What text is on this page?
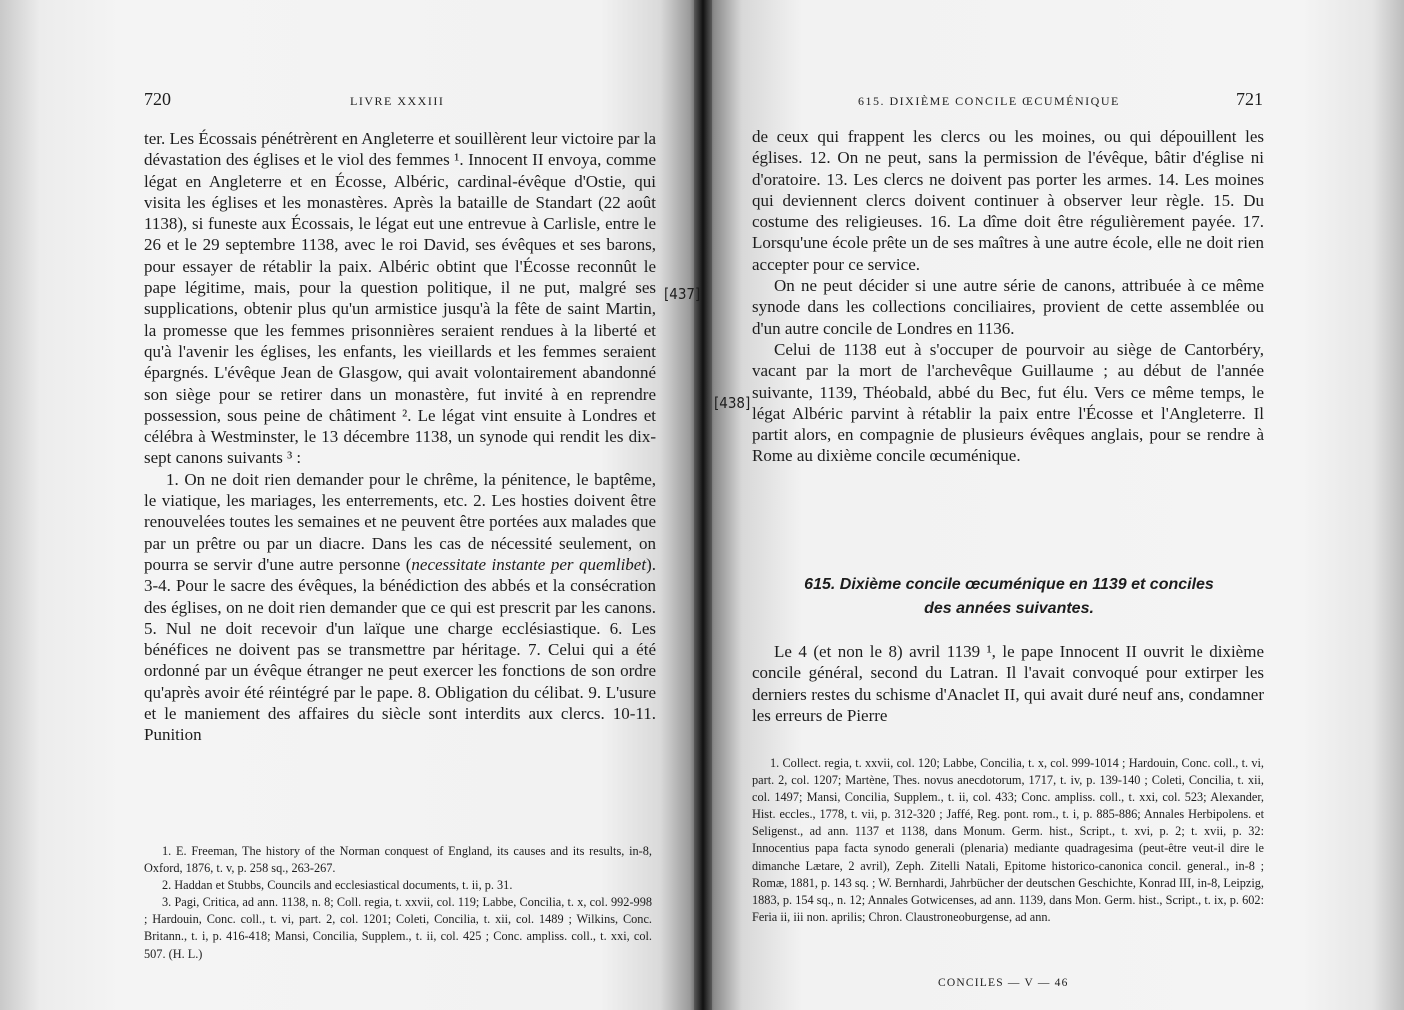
720	LIVRE XXXIII

ter. Les Écossais pénétrèrent en Angleterre et souillèrent leur victoire par la dévastation des églises et le viol des femmes ¹. Innocent II envoya, comme légat en Angleterre et en Écosse, Albéric, cardinal-évêque d'Ostie, qui visita les églises et les monastères. Après la bataille de Standart (22 août 1138), si funeste aux Écossais, le légat eut une entrevue à Carlisle, entre le 26 et le 29 septembre 1138, avec le roi David, ses évêques et ses barons, pour essayer de rétablir la paix. Albéric obtint que l'Écosse reconnût le pape légitime, mais, pour la question politique, il ne put, malgré ses supplications, obtenir plus qu'un armistice jusqu'à la fête de saint Martin, la promesse que les femmes prisonnières seraient rendues à la liberté et qu'à l'avenir les églises, les enfants, les vieillards et les femmes seraient épargnés. L'évêque Jean de Glasgow, qui avait volontairement abandonné son siège pour se retirer dans un monastère, fut invité à en reprendre possession, sous peine de châtiment ². Le légat vint ensuite à Londres et célébra à Westminster, le 13 décembre 1138, un synode qui rendit les dix-sept canons suivants ³ :

1. On ne doit rien demander pour le chrême, la pénitence, le baptême, le viatique, les mariages, les enterrements, etc. 2. Les hosties doivent être renouvelées toutes les semaines et ne peuvent être portées aux malades que par un prêtre ou par un diacre. Dans les cas de nécessité seulement, on pourra se servir d'une autre personne (necessitate instante per quemlibet). 3-4. Pour le sacre des évêques, la bénédiction des abbés et la consécration des églises, on ne doit rien demander que ce qui est prescrit par les canons. 5. Nul ne doit recevoir d'un laïque une charge ecclésiastique. 6. Les bénéfices ne doivent pas se transmettre par héritage. 7. Celui qui a été ordonné par un évêque étranger ne peut exercer les fonctions de son ordre qu'après avoir été réintégré par le pape. 8. Obligation du célibat. 9. L'usure et le maniement des affaires du siècle sont interdits aux clercs. 10-11. Punition

[437]

1. E. Freeman, The history of the Norman conquest of England, its causes and its results, in-8, Oxford, 1876, t. v, p. 258 sq., 263-267.

2. Haddan et Stubbs, Councils and ecclesiastical documents, t. ii, p. 31.

3. Pagi, Critica, ad ann. 1138, n. 8; Coll. regia, t. xxvii, col. 119; Labbe, Concilia, t. x, col. 992-998 ; Hardouin, Conc. coll., t. vi, part. 2, col. 1201; Coleti, Concilia, t. xii, col. 1489 ; Wilkins, Conc. Britann., t. i, p. 416-418; Mansi, Concilia, Supplem., t. ii, col. 425 ; Conc. ampliss. coll., t. xxi, col. 507. (H. L.)

615. DIXIÈME CONCILE ŒCUMÉNIQUE	721
[438]

de ceux qui frappent les clercs ou les moines, ou qui dépouillent les églises. 12. On ne peut, sans la permission de l'évêque, bâtir d'église ni d'oratoire. 13. Les clercs ne doivent pas porter les armes. 14. Les moines qui deviennent clercs doivent continuer à observer leur règle. 15. Du costume des religieuses. 16. La dîme doit être régulièrement payée. 17. Lorsqu'une école prête un de ses maîtres à une autre école, elle ne doit rien accepter pour ce service.

On ne peut décider si une autre série de canons, attribuée à ce même synode dans les collections conciliaires, provient de cette assemblée ou d'un autre concile de Londres en 1136.

Celui de 1138 eut à s'occuper de pourvoir au siège de Cantorbéry, vacant par la mort de l'archevêque Guillaume ; au début de l'année suivante, 1139, Théobald, abbé du Bec, fut élu. Vers ce même temps, le légat Albéric parvint à rétablir la paix entre l'Écosse et l'Angleterre. Il partit alors, en compagnie de plusieurs évêques anglais, pour se rendre à Rome au dixième concile œcuménique.

615. Dixième concile œcuménique en 1139 et conciles
des années suivantes.

Le 4 (et non le 8) avril 1139 ¹, le pape Innocent II ouvrit le dixième concile général, second du Latran. Il l'avait convoqué pour extirper les derniers restes du schisme d'Anaclet II, qui avait duré neuf ans, condamner les erreurs de Pierre

1. Collect. regia, t. xxvii, col. 120; Labbe, Concilia, t. x, col. 999-1014 ; Hardouin, Conc. coll., t. vi, part. 2, col. 1207; Martène, Thes. novus anecdotorum, 1717, t. iv, p. 139-140 ; Coleti, Concilia, t. xii, col. 1497; Mansi, Concilia, Supplem., t. ii, col. 433; Conc. ampliss. coll., t. xxi, col. 523; Alexander, Hist. eccles., 1778, t. vii, p. 312-320 ; Jaffé, Reg. pont. rom., t. i, p. 885-886; Annales Herbipolens. et Seligenst., ad ann. 1137 et 1138, dans Monum. Germ. hist., Script., t. xvi, p. 2; t. xvii, p. 32: Innocentius papa facta synodo generali (plenaria) mediante quadragesima (peut-être veut-il dire le dimanche Lætare, 2 avril), Zeph. Zitelli Natali, Epitome historico-canonica concil. general., in-8 ; Romæ, 1881, p. 143 sq. ; W. Bernhardi, Jahrbücher der deutschen Geschichte, Konrad III, in-8, Leipzig, 1883, p. 154 sq., n. 12; Annales Gotwicenses, ad ann. 1139, dans Mon. Germ. hist., Script., t. ix, p. 602: Feria ii, iii non. aprilis; Chron. Claustroneoburgense, ad ann.

CONCILES — V — 46
